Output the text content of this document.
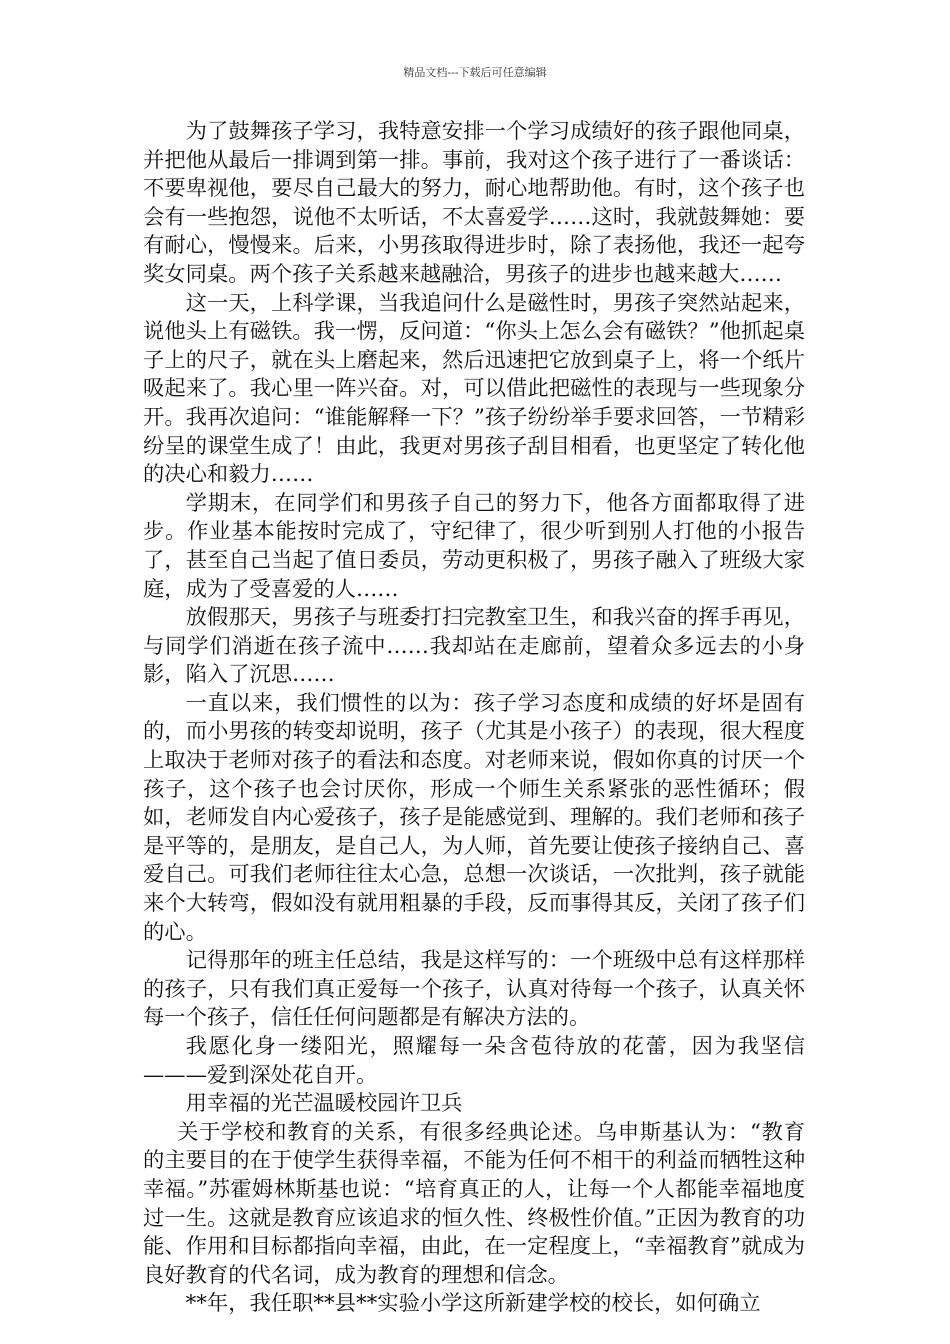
精品文档---下载后可任意编辑

为了鼓舞孩子学习，我特意安排一个学习成绩好的孩子跟他同桌，并把他从最后一排调到第一排。事前，我对这个孩子进行了一番谈话：不要卑视他，要尽自己最大的努力，耐心地帮助他。有时，这个孩子也会有一些抱怨，说他不太听话，不太喜爱学……这时，我就鼓舞她：要有耐心，慢慢来。后来，小男孩取得进步时，除了表扬他，我还一起夸奖女同桌。两个孩子关系越来越融洽，男孩子的进步也越来越大……

这一天，上科学课，当我追问什么是磁性时，男孩子突然站起来，说他头上有磁铁。我一愣，反问道：“你头上怎么会有磁铁？”他抓起桌子上的尺子，就在头上磨起来，然后迅速把它放到桌子上，将一个纸片吸起来了。我心里一阵兴奋。对，可以借此把磁性的表现与一些现象分开。我再次追问：“谁能解释一下？”孩子纷纷举手要求回答，一节精彩纷呈的课堂生成了！由此，我更对男孩子刮目相看，也更坚定了转化他的决心和毅力……

学期末，在同学们和男孩子自己的努力下，他各方面都取得了进步。作业基本能按时完成了，守纪律了，很少听到别人打他的小报告了，甚至自己当起了值日委员，劳动更积极了，男孩子融入了班级大家庭，成为了受喜爱的人……

放假那天，男孩子与班委打扫完教室卫生，和我兴奋的挥手再见，与同学们消逝在孩子流中……我却站在走廊前，望着众多远去的小身影，陷入了沉思……

一直以来，我们惯性的以为：孩子学习态度和成绩的好坏是固有的，而小男孩的转变却说明，孩子（尤其是小孩子）的表现，很大程度上取决于老师对孩子的看法和态度。对老师来说，假如你真的讨厌一个孩子，这个孩子也会讨厌你，形成一个师生关系紧张的恶性循环；假如，老师发自内心爱孩子，孩子是能感觉到、理解的。我们老师和孩子是平等的，是朋友，是自己人，为人师，首先要让使孩子接纳自己、喜爱自己。可我们老师往往太心急，总想一次谈话，一次批判，孩子就能来个大转弯，假如没有就用粗暴的手段，反而事得其反，关闭了孩子们的心。

记得那年的班主任总结，我是这样写的：一个班级中总有这样那样的孩子，只有我们真正爱每一个孩子，认真对待每一个孩子，认真关怀每一个孩子，信任任何问题都是有解决方法的。

我愿化身一缕阳光，照耀每一朵含苞待放的花蕾，因为我坚信———爱到深处花自开。

用幸福的光芒温暖校园许卫兵

关于学校和教育的关系，有很多经典论述。乌申斯基认为：“教育的主要目的在于使学生获得幸福，不能为任何不相干的利益而牺牲这种幸福。”苏霍姆林斯基也说：“培育真正的人，让每一个人都能幸福地度过一生。这就是教育应该追求的恒久性、终极性价值。”正因为教育的功能、作用和目标都指向幸福，由此，在一定程度上，“幸福教育”就成为良好教育的代名词，成为教育的理想和信念。

**年，我任职**县**实验小学这所新建学校的校长，如何确立
